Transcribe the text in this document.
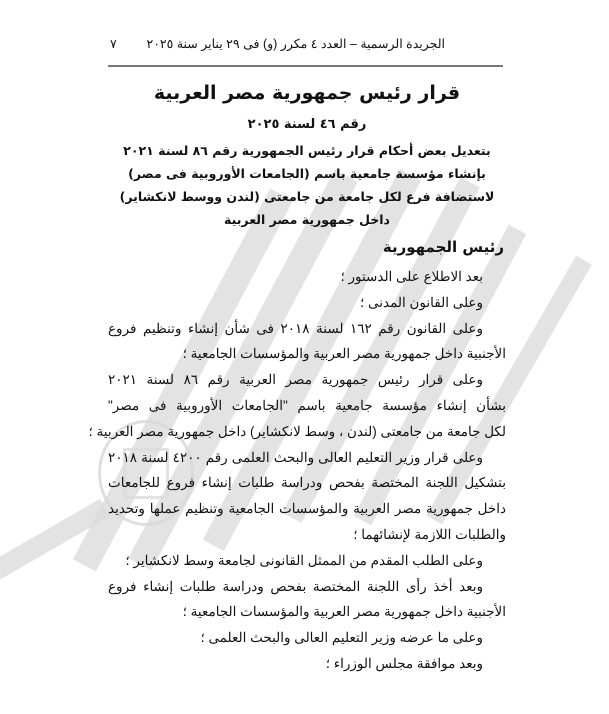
الجريدة الرسمية – العدد ٤ مكرر (و) فى ٢٩ يناير سنة ٢٠٢٥
٧
قرار رئيس جمهورية مصر العربية
رقم ٤٦ لسنة ٢٠٢٥
بتعديل بعض أحكام قرار رئيس الجمهورية رقم ٨٦ لسنة ٢٠٢١
بإنشاء مؤسسة جامعية باسم (الجامعات الأوروبية فى مصر)
لاستضافة فرع لكل جامعة من جامعتى (لندن ووسط لانكشاير)
داخل جمهورية مصر العربية
رئيس الجمهورية
بعد الاطلاع على الدستور ؛
وعلى القانون المدنى ؛
وعلى القانون رقم ١٦٢ لسنة ٢٠١٨ فى شأن إنشاء وتنظيم فروع
الأجنبية داخل جمهورية مصر العربية والمؤسسات الجامعية ؛
وعلى قرار رئيس جمهورية مصر العربية رقم ٨٦ لسنة ٢٠٢١
بشأن إنشاء مؤسسة جامعية باسم "الجامعات الأوروبية فى مصر"
لكل جامعة من جامعتى (لندن ، وسط لانكشاير) داخل جمهورية مصر العربية ؛
وعلى قرار وزير التعليم العالى والبحث العلمى رقم ٤٢٠٠ لسنة ٢٠١٨
بتشكيل اللجنة المختصة بفحص ودراسة طلبات إنشاء فروع للجامعات
داخل جمهورية مصر العربية والمؤسسات الجامعية وتنظيم عملها وتحديد
والطلبات اللازمة لإنشائهما ؛
وعلى الطلب المقدم من الممثل القانونى لجامعة وسط لانكشاير ؛
وبعد أخذ رأى اللجنة المختصة بفحص ودراسة طلبات إنشاء فروع
الأجنبية داخل جمهورية مصر العربية والمؤسسات الجامعية ؛
وعلى ما عرضه وزير التعليم العالى والبحث العلمى ؛
وبعد موافقة مجلس الوزراء ؛
